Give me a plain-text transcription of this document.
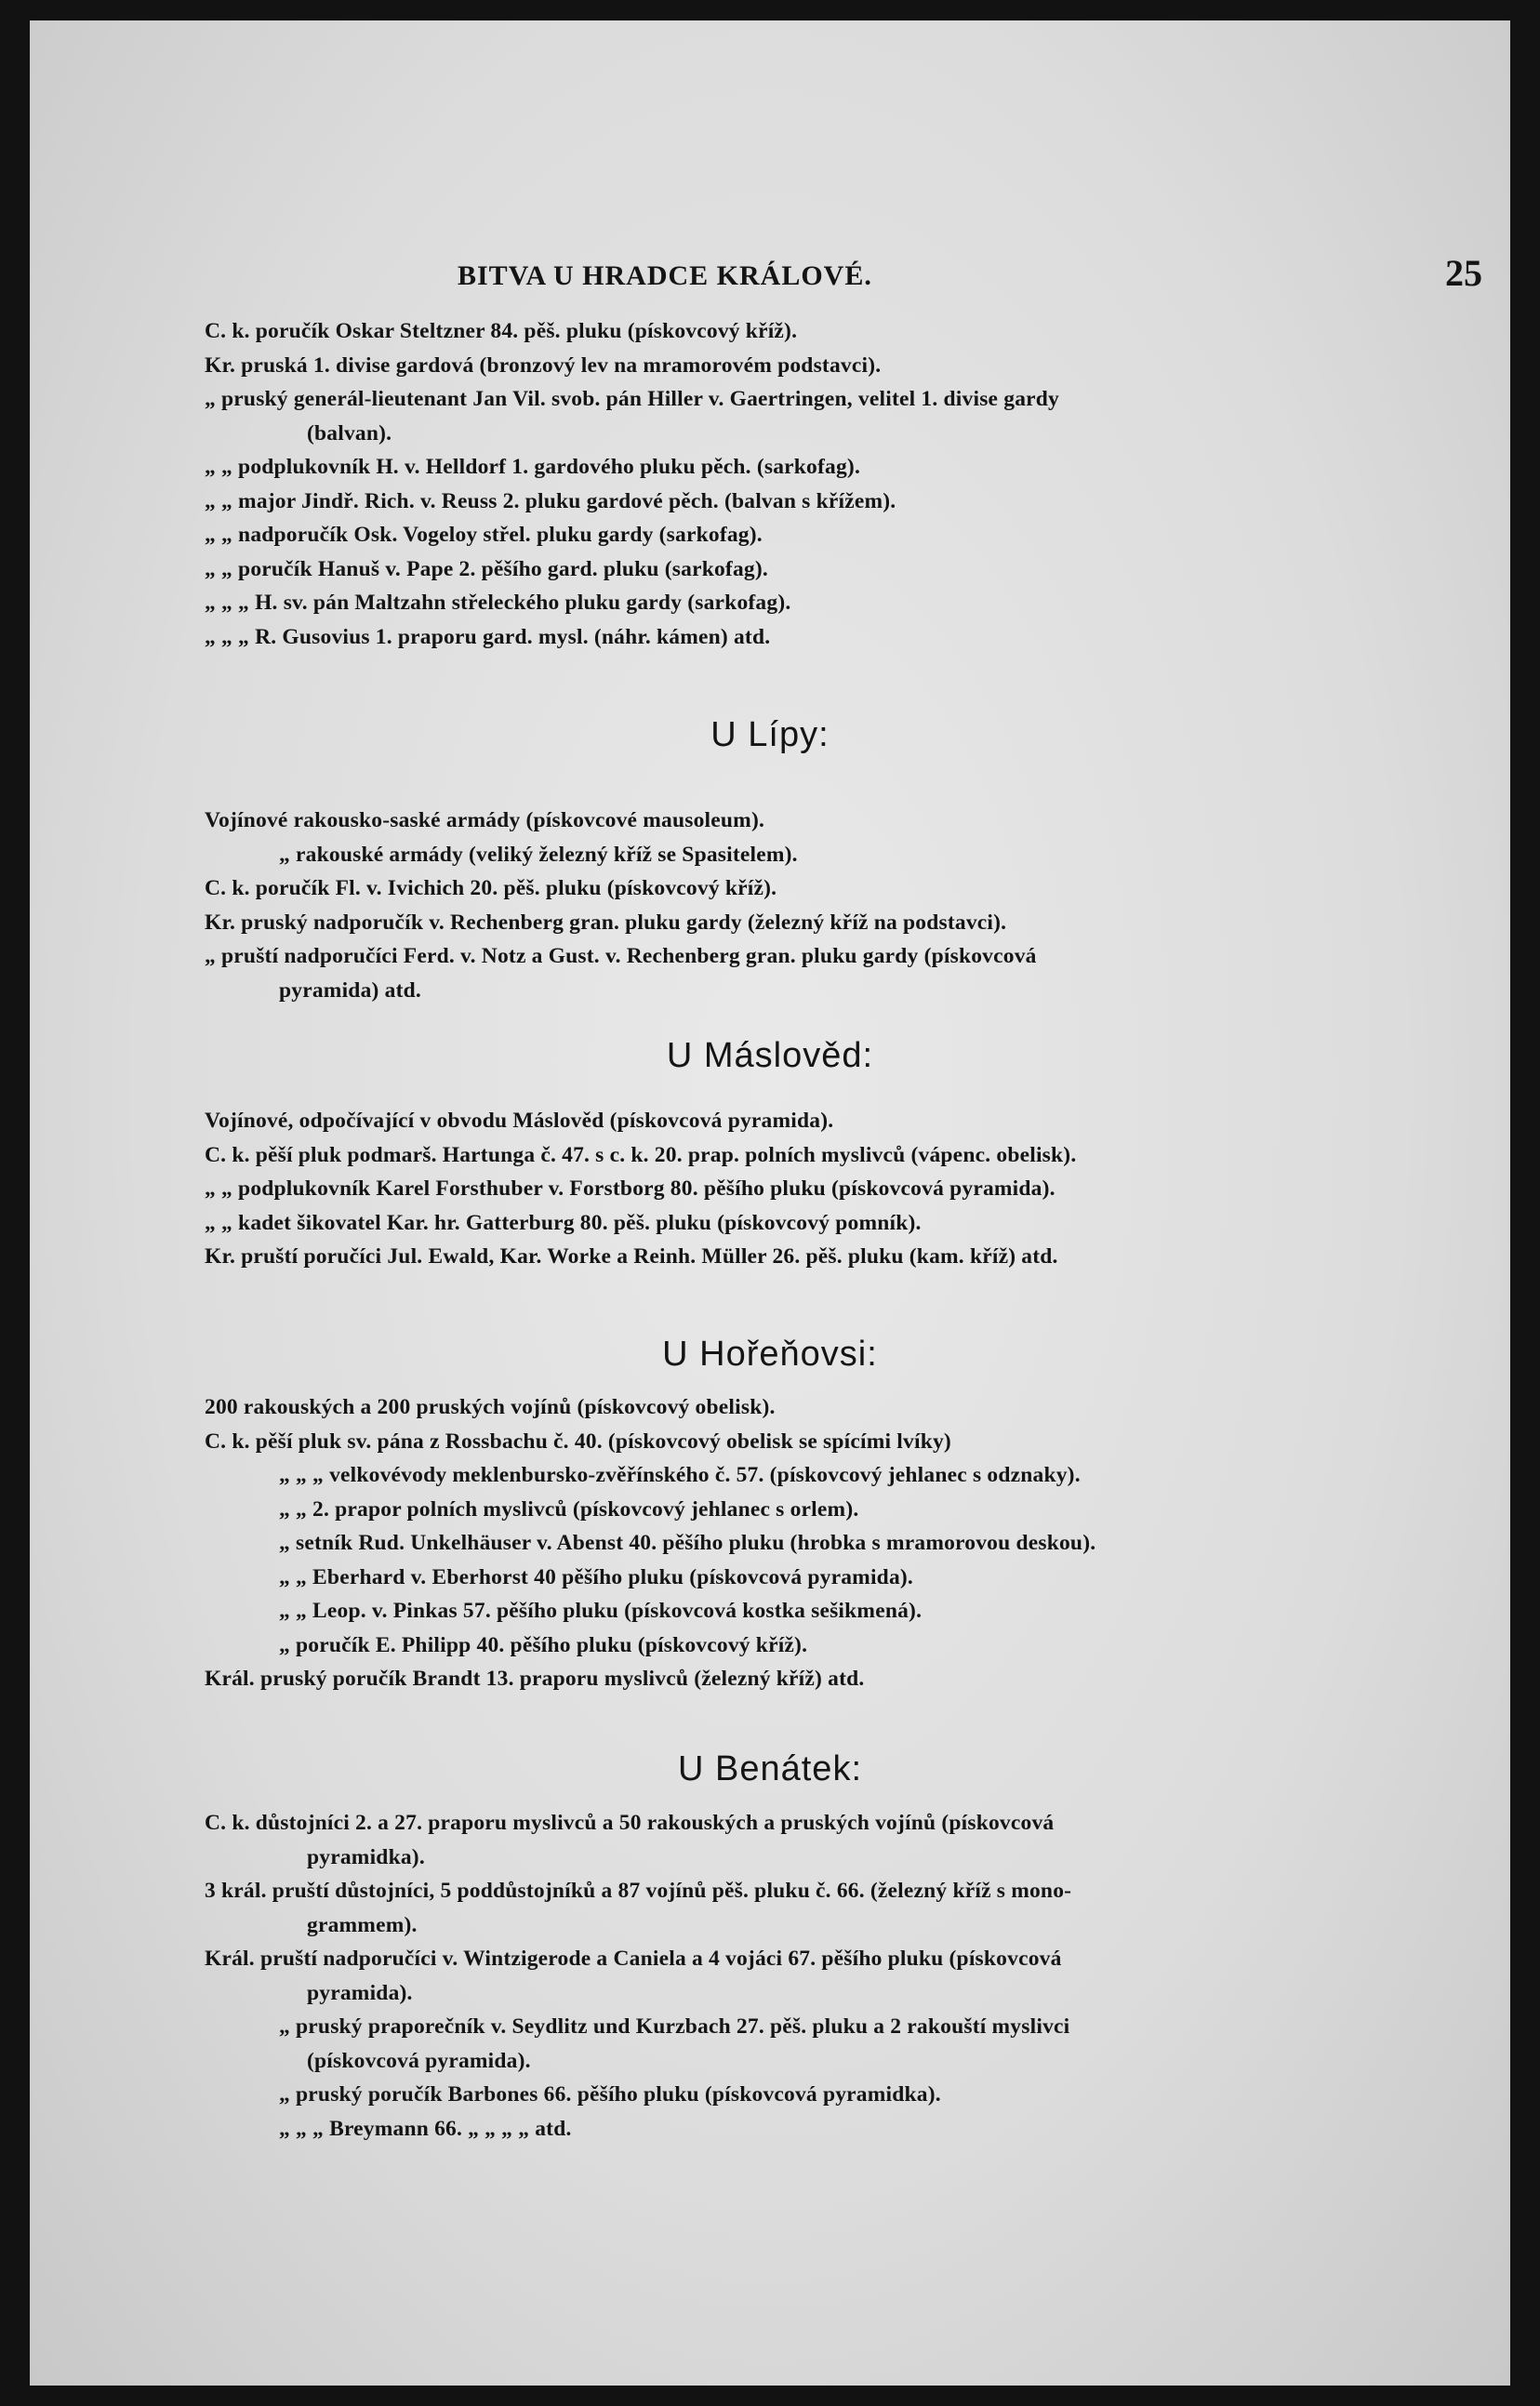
BITVA U HRADCE KRÁLOVÉ.	25
C. k. poručík Oskar Steltzner 84. pěš. pluku (pískovcový kříž).
Kr. pruská 1. divise gardová (bronzový lev na mramorovém podstavci).
„ pruský generál-lieutenant Jan Vil. svob. pán Hiller v. Gaertringen, velitel 1. divise gardy
(balvan).
„ „ podplukovník H. v. Helldorf 1. gardového pluku pěch. (sarkofag).
„ „ major Jindř. Rich. v. Reuss 2. pluku gardové pěch. (balvan s křížem).
„ „ nadporučík Osk. Vogeloy střel. pluku gardy (sarkofag).
„ „ poručík Hanuš v. Pape 2. pěšího gard. pluku (sarkofag).
„ „ „ H. sv. pán Maltzahn střeleckého pluku gardy (sarkofag).
„ „ „ R. Gusovius 1. praporu gard. mysl. (náhr. kámen) atd.
U Lípy:
Vojínové rakousko-saské armády (pískovcové mausoleum).
„ rakouské armády (veliký železný kříž se Spasitelem).
C. k. poručík Fl. v. Ivichich 20. pěš. pluku (pískovcový kříž).
Kr. pruský nadporučík v. Rechenberg gran. pluku gardy (železný kříž na podstavci).
„ pruští nadporučíci Ferd. v. Notz a Gust. v. Rechenberg gran. pluku gardy (pískovcová
pyramida) atd.
U Máslověd:
Vojínové, odpočívající v obvodu Máslověd (pískovcová pyramida).
C. k. pěší pluk podmarš. Hartunga č. 47. s c. k. 20. prap. polních myslivců (vápenc. obelisk).
„ „ podplukovník Karel Forsthuber v. Forstborg 80. pěšího pluku (pískovcová pyramida).
„ „ kadet šikovatel Kar. hr. Gatterburg 80. pěš. pluku (pískovcový pomník).
Kr. pruští poručíci Jul. Ewald, Kar. Worke a Reinh. Müller 26. pěš. pluku (kam. kříž) atd.
U Hořeňovsi:
200 rakouských a 200 pruských vojínů (pískovcový obelisk).
C. k. pěší pluk sv. pána z Rossbachu č. 40. (pískovcový obelisk se spícími lvíky)
„ „ „ velkovévody meklenbursko-zvěřínského č. 57. (pískovcový jehlanec s odznaky).
„ „ 2. prapor polních myslivců (pískovcový jehlanec s orlem).
„ setník Rud. Unkelhäuser v. Abenst 40. pěšího pluku (hrobka s mramorovou deskou).
„ „ Eberhard v. Eberhorst 40 pěšího pluku (pískovcová pyramida).
„ „ Leop. v. Pinkas 57. pěšího pluku (pískovcová kostka sešikmená).
„ poručík E. Philipp 40. pěšího pluku (pískovcový kříž).
Král. pruský poručík Brandt 13. praporu myslivců (železný kříž) atd.
U Benátek:
C. k. důstojníci 2. a 27. praporu myslivců a 50 rakouských a pruských vojínů (pískovcová
pyramidka).
3 král. pruští důstojníci, 5 poddůstojníků a 87 vojínů pěš. pluku č. 66. (železný kříž s mono-
grammem).
Král. pruští nadporučíci v. Wintzigerode a Caniela a 4 vojáci 67. pěšího pluku (pískovcová
pyramida).
„ pruský praporečník v. Seydlitz und Kurzbach 27. pěš. pluku a 2 rakouští myslivci
(pískovcová pyramida).
„ pruský poručík Barbones 66. pěšího pluku (pískovcová pyramidka).
„ „ „ Breymann 66. „ „ „ „ atd.
